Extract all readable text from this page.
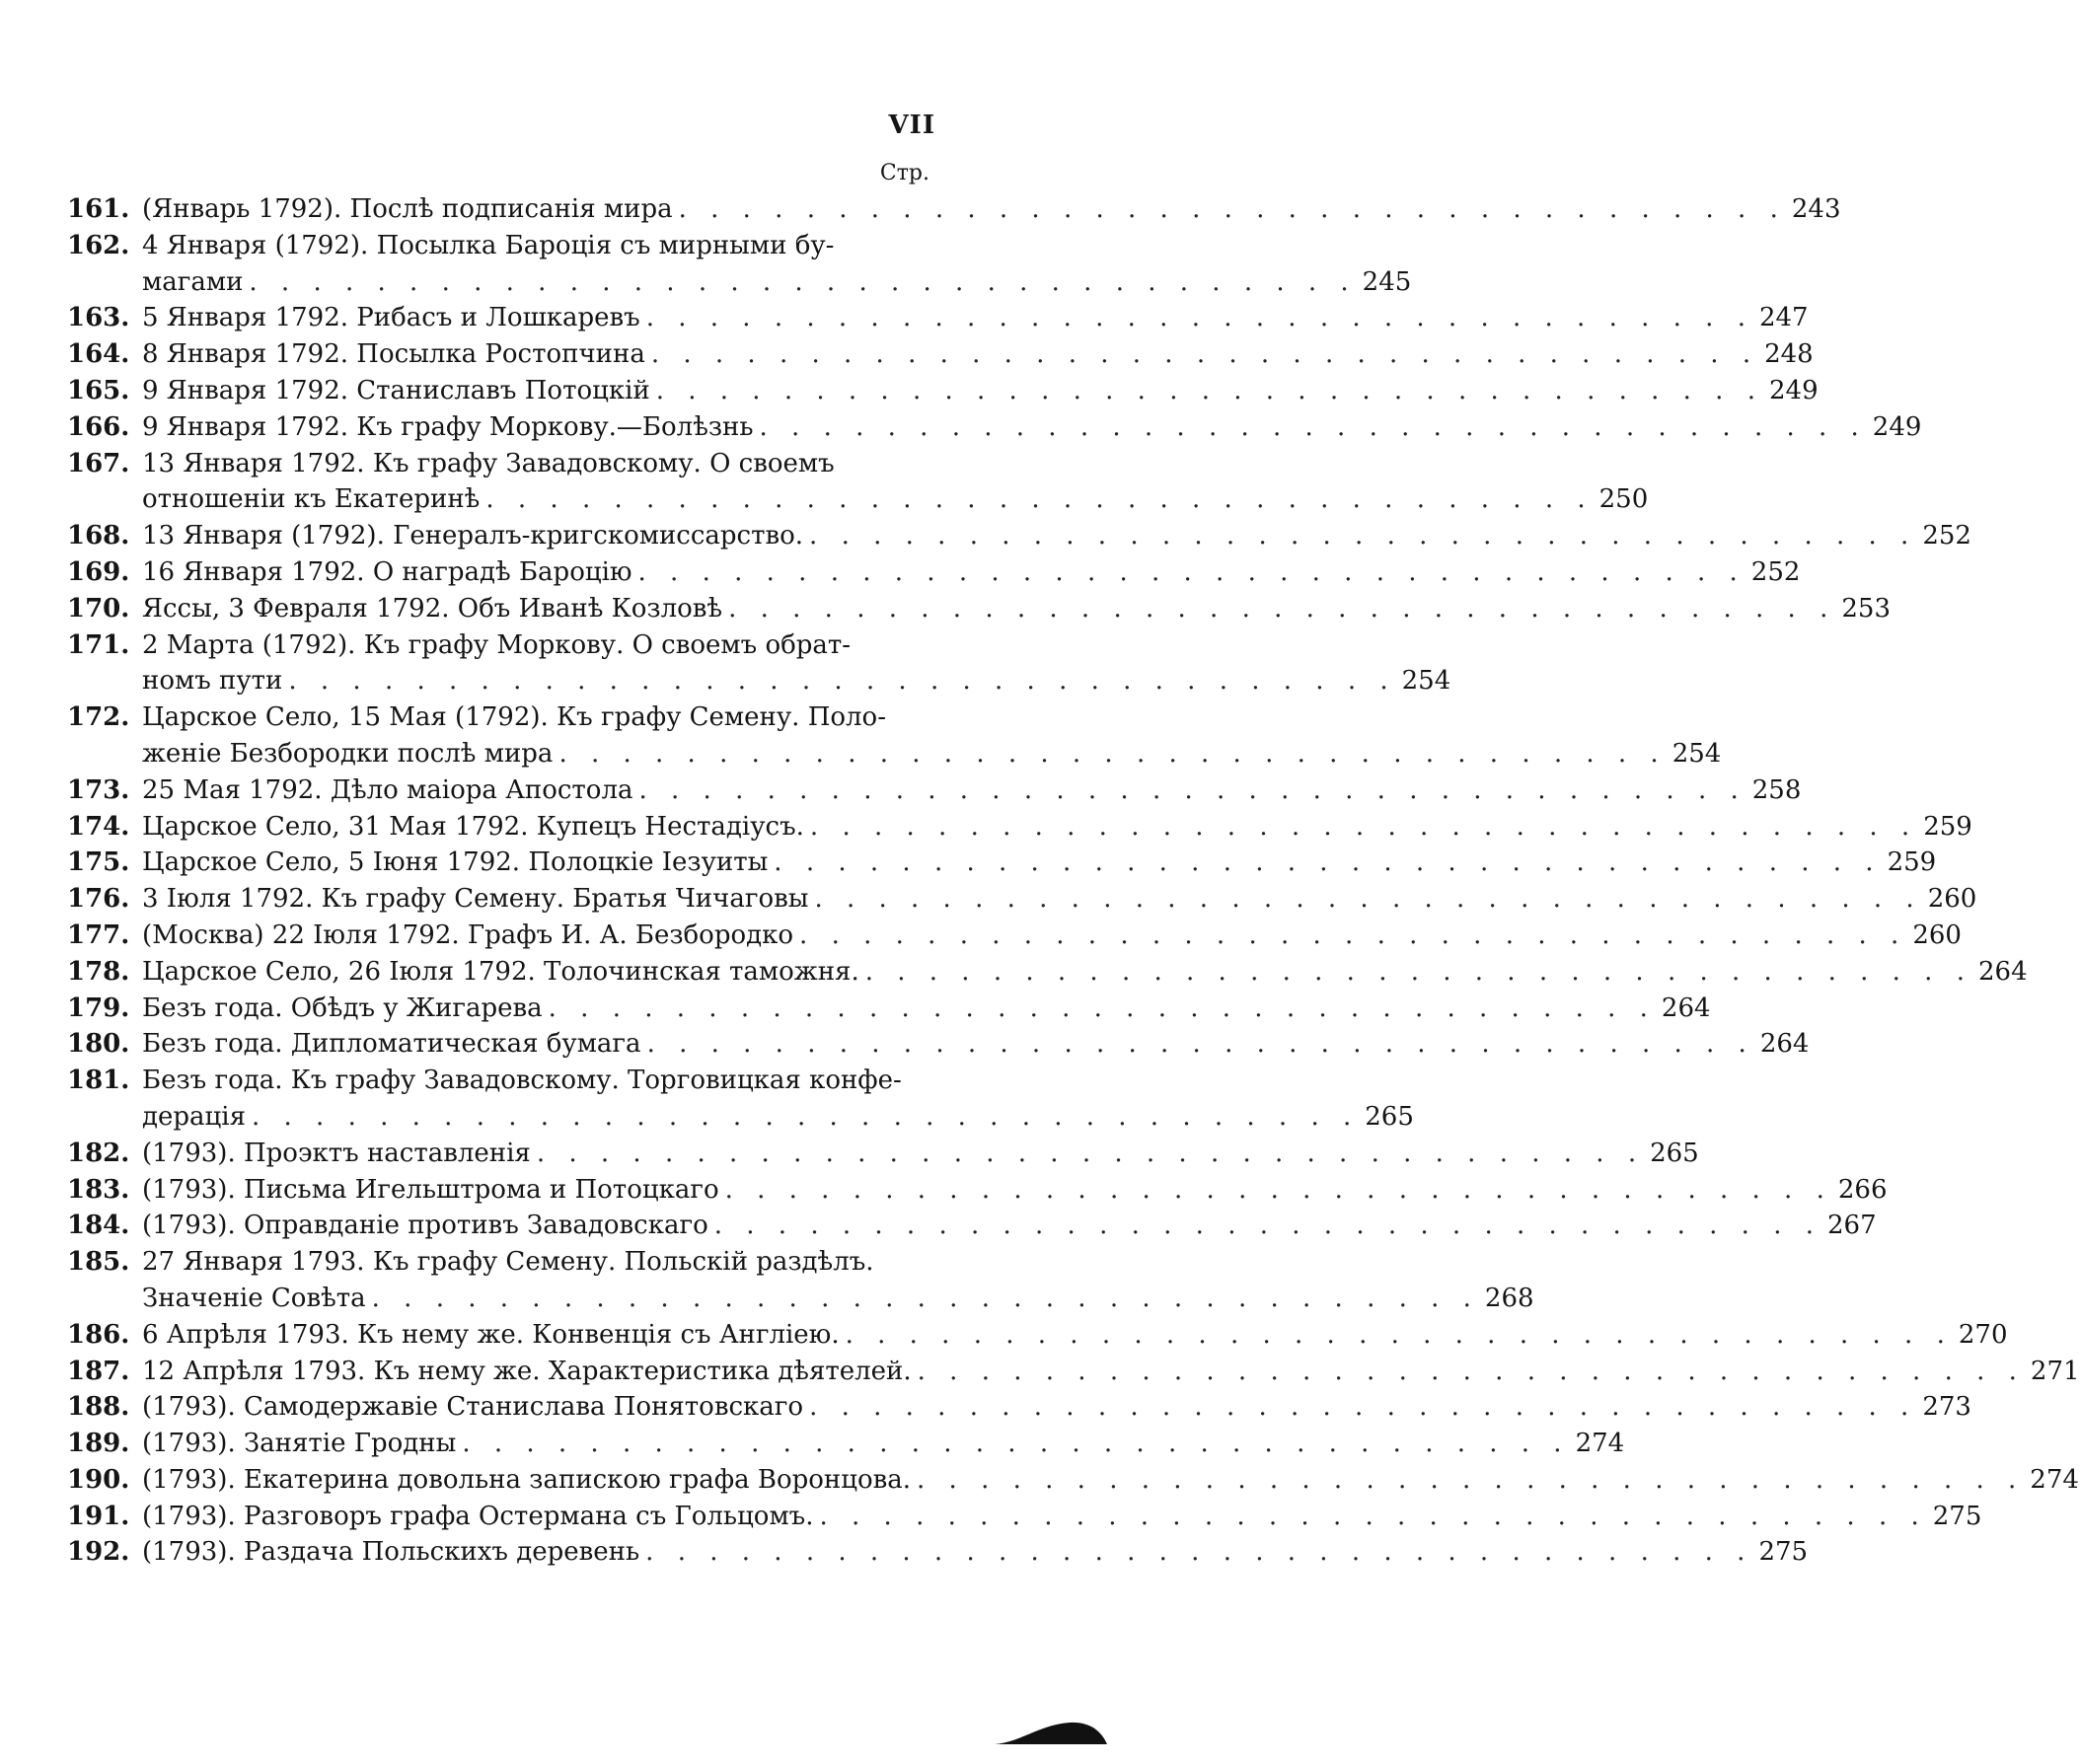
VII
Стр.
161. (Январь 1792). Послѣ подписанія мира . . . . . . . . . . . . . . . . . . . . . . . . . . . . . . . . . . . 243
162. 4 Января (1792). Посылка Бароція съ мирными бу-
магами . . . . . . . . . . . . . . . . . . . . . . . . . . . . . . . . . . . 245
163. 5 Января 1792. Рибасъ и Лошкаревъ . . . . . . . . . . . . . . . . . . . . . . . . . . . . . . . . . . . 247
164. 8 Января 1792. Посылка Ростопчина . . . . . . . . . . . . . . . . . . . . . . . . . . . . . . . . . . . 248
165. 9 Января 1792. Станиславъ Потоцкій . . . . . . . . . . . . . . . . . . . . . . . . . . . . . . . . . . . 249
166. 9 Января 1792. Къ графу Моркову.—Болѣзнь . . . . . . . . . . . . . . . . . . . . . . . . . . . . . . . . . . . 249
167. 13 Января 1792. Къ графу Завадовскому. О своемъ
отношеніи къ Екатеринѣ . . . . . . . . . . . . . . . . . . . . . . . . . . . . . . . . . . . 250
168. 13 Января (1792). Генералъ-кригскомиссарство. . . . . . . . . . . . . . . . . . . . . . . . . . . . . . . . . . . . 252
169. 16 Января 1792. О наградѣ Бароцію . . . . . . . . . . . . . . . . . . . . . . . . . . . . . . . . . . . 252
170. Яссы, 3 Февраля 1792. Объ Иванѣ Козловѣ . . . . . . . . . . . . . . . . . . . . . . . . . . . . . . . . . . . 253
171. 2 Марта (1792). Къ графу Моркову. О своемъ обрат-
номъ пути . . . . . . . . . . . . . . . . . . . . . . . . . . . . . . . . . . . 254
172. Царское Село, 15 Мая (1792). Къ графу Семену. Поло-
женіе Безбородки послѣ мира . . . . . . . . . . . . . . . . . . . . . . . . . . . . . . . . . . . 254
173. 25 Мая 1792. Дѣло маіора Апостола . . . . . . . . . . . . . . . . . . . . . . . . . . . . . . . . . . . 258
174. Царское Село, 31 Мая 1792. Купецъ Нестадіусъ. . . . . . . . . . . . . . . . . . . . . . . . . . . . . . . . . . . . 259
175. Царское Село, 5 Іюня 1792. Полоцкіе Іезуиты . . . . . . . . . . . . . . . . . . . . . . . . . . . . . . . . . . . 259
176. 3 Іюля 1792. Къ графу Семену. Братья Чичаговы . . . . . . . . . . . . . . . . . . . . . . . . . . . . . . . . . . . 260
177. (Москва) 22 Іюля 1792. Графъ И. А. Безбородко . . . . . . . . . . . . . . . . . . . . . . . . . . . . . . . . . . . 260
178. Царское Село, 26 Іюля 1792. Толочинская таможня. . . . . . . . . . . . . . . . . . . . . . . . . . . . . . . . . . . . 264
179. Безъ года. Обѣдъ у Жигарева . . . . . . . . . . . . . . . . . . . . . . . . . . . . . . . . . . . 264
180. Безъ года. Дипломатическая бумага . . . . . . . . . . . . . . . . . . . . . . . . . . . . . . . . . . . 264
181. Безъ года. Къ графу Завадовскому. Торговицкая конфе-
дерація . . . . . . . . . . . . . . . . . . . . . . . . . . . . . . . . . . . 265
182. (1793). Проэктъ наставленія . . . . . . . . . . . . . . . . . . . . . . . . . . . . . . . . . . . 265
183. (1793). Письма Игельштрома и Потоцкаго . . . . . . . . . . . . . . . . . . . . . . . . . . . . . . . . . . . 266
184. (1793). Оправданіе противъ Завадовскаго . . . . . . . . . . . . . . . . . . . . . . . . . . . . . . . . . . . 267
185. 27 Января 1793. Къ графу Семену. Польскій раздѣлъ.
Значеніе Совѣта . . . . . . . . . . . . . . . . . . . . . . . . . . . . . . . . . . . 268
186. 6 Апрѣля 1793. Къ нему же. Конвенція съ Англіею. . . . . . . . . . . . . . . . . . . . . . . . . . . . . . . . . . . . 270
187. 12 Апрѣля 1793. Къ нему же. Характеристика дѣятелей. . . . . . . . . . . . . . . . . . . . . . . . . . . . . . . . . . . . 271
188. (1793). Самодержавіе Станислава Понятовскаго . . . . . . . . . . . . . . . . . . . . . . . . . . . . . . . . . . . 273
189. (1793). Занятіе Гродны . . . . . . . . . . . . . . . . . . . . . . . . . . . . . . . . . . . 274
190. (1793). Екатерина довольна запискою графа Воронцова. . . . . . . . . . . . . . . . . . . . . . . . . . . . . . . . . . . . 274
191. (1793). Разговоръ графа Остермана съ Гольцомъ. . . . . . . . . . . . . . . . . . . . . . . . . . . . . . . . . . . . 275
192. (1793). Раздача Польскихъ деревень . . . . . . . . . . . . . . . . . . . . . . . . . . . . . . . . . . . 275
